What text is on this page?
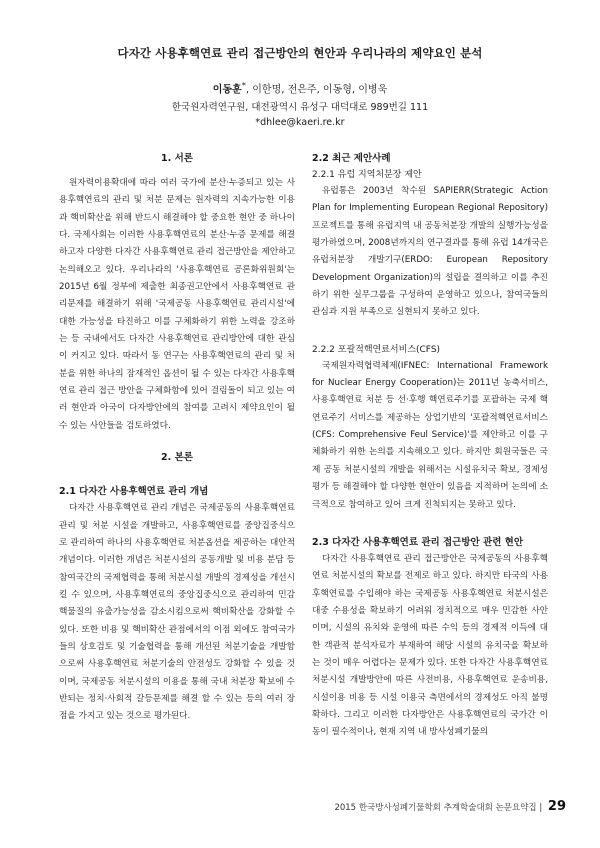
다자간 사용후핵연료 관리 접근방안의 현안과 우리나라의 제약요인 분석
이동훈*, 이한명, 전은주, 이동형, 이병욱
한국원자력연구원, 대전광역시 유성구 대덕대로 989번길 111
*dhlee@kaeri.re.kr
1. 서론

원자력이용확대에 따라 여러 국가에 분산·누증되고 있는 사용후핵연료의 관리 및 처분 문제는 원자력의 지속가능한 이용과 핵비확산을 위해 반드시 해결해야 할 중요한 현안 중 하나이다. 국제사회는 이러한 사용후핵연료의 분산·누증 문제를 해결하고자 다양한 다자간 사용후핵연료 관리 접근방안을 제안하고 논의해오고 있다. 우리나라의 '사용후핵연료 공론화위원회'는 2015년 6월 정부에 제출한 최종권고안에서 사용후핵연료 관리문제를 해결하기 위해 '국제공동 사용후핵연료 관리시설'에 대한 가능성을 타진하고 이를 구체화하기 위한 노력을 강조하는 등 국내에서도 다자간 사용후핵연료 관리방안에 대한 관심이 커지고 있다. 따라서 동 연구는 사용후핵연료의 관리 및 처분을 위한 하나의 잠재적인 옵션이 될 수 있는 다자간 사용후핵연료 관리 접근 방안을 구체화함에 있어 걸림돌이 되고 있는 여러 현안과 아국이 다자방안에의 참여를 고려시 제약요인이 될 수 있는 사안들을 검토하였다.

2. 본론
2.1 다자간 사용후핵연료 관리 개념

다자간 사용후핵연료 관리 개념은 국제공동의 사용후핵연료 관리 및 처분 시설을 개발하고, 사용후핵연료를 중앙집중식으로 관리하여 하나의 사용후핵연료 처분옵션을 제공하는 대안적 개념이다. 이러한 개념은 처분시설의 공동개발 및 비용 분담 등 참여국간의 국제협력을 통해 처분시설 개발의 경제성을 개선시킬 수 있으며, 사용후핵연료의 중앙집중식으로 관리하여 민감핵물질의 유출가능성을 감소시킴으로써 핵비확산을 강화할 수 있다. 또한 비용 및 핵비확산 관점에서의 이점 외에도 참여국가들의 상호검토 및 기술협력을 통해 개선된 처분기술을 개발함으로써 사용후핵연료 처분기술의 안전성도 강화할 수 있을 것이며, 국제공동 처분시설의 이용을 통해 국내 처분장 확보에 수반되는 정치·사회적 갈등문제를 해결 할 수 있는 등의 여러 장점을 가지고 있는 것으로 평가된다.

2.2 최근 제안사례
2.2.1 유럽 지역처분장 제안

유럽통은 2003년 착수된 SAPIERR(Strategic Action Plan for Implementing European Regional Repository) 프로젝트를 통해 유럽지역 내 공동처분장 개발의 실행가능성을 평가하였으며, 2008년까지의 연구결과를 통해 유럽 14개국은 유럽처분장 개발기구(ERDO: European Repository Development Organization)의 설립을 결의하고 이를 추진하기 위한 실무그룹을 구성하여 운영하고 있으나, 참여국들의 관심과 지원 부족으로 실현되지 못하고 있다.

2.2.2 포괄적핵연료서비스(CFS)

국제원자력협력체제(IFNEC: International Framework for Nuclear Energy Cooperation)는 2011년 농축서비스, 사용후핵연료 처분 등 선·후행 핵연료주기를 포괄하는 국제 핵연료주기 서비스를 제공하는 상업기반의 '포괄적핵연료서비스(CFS: Comprehensive Feul Service)'를 제안하고 이를 구체화하기 위한 논의를 지속해오고 있다. 하지만 회원국들은 국제 공동 처분시설의 개발을 위해서는 시설유치국 확보, 경제성 평가 등 해결해야 할 다양한 현안이 있음을 지적하며 논의에 소극적으로 참여하고 있어 크게 진척되지는 못하고 있다.

2.3 다자간 사용후핵연료 관리 접근방안 관련 현안

다자간 사용후핵연료 관리 접근방안은 국제공동의 사용후핵연료 처분시설의 확보를 전제로 하고 있다. 하지만 타국의 사용후핵연료를 수입해야 하는 국제공동 사용후핵연료 처분시설은 대중 수용성을 확보하기 어려워 정치적으로 매우 민감한 사안이며, 시설의 유치와 운영에 따른 수익 등의 경제적 이득에 대한 객관적 분석자료가 부재하여 해당 시설의 유치국을 확보하는 것이 매우 어렵다는 문제가 있다. 또한 다자간 사용후핵연료 처분시설 개발방안에 따른 사전비용, 사용후핵연료 운송비용, 시설이용 비용 등 시설 이용국 측면에서의 경제성도 아직 불명확하다. 그리고 이러한 다자방안은 사용후핵연료의 국가간 이동이 필수적이나, 현재 지역 내 방사성폐기물의

2015 한국방사성폐기물학회 추계학술대회 논문요약집 | 29
